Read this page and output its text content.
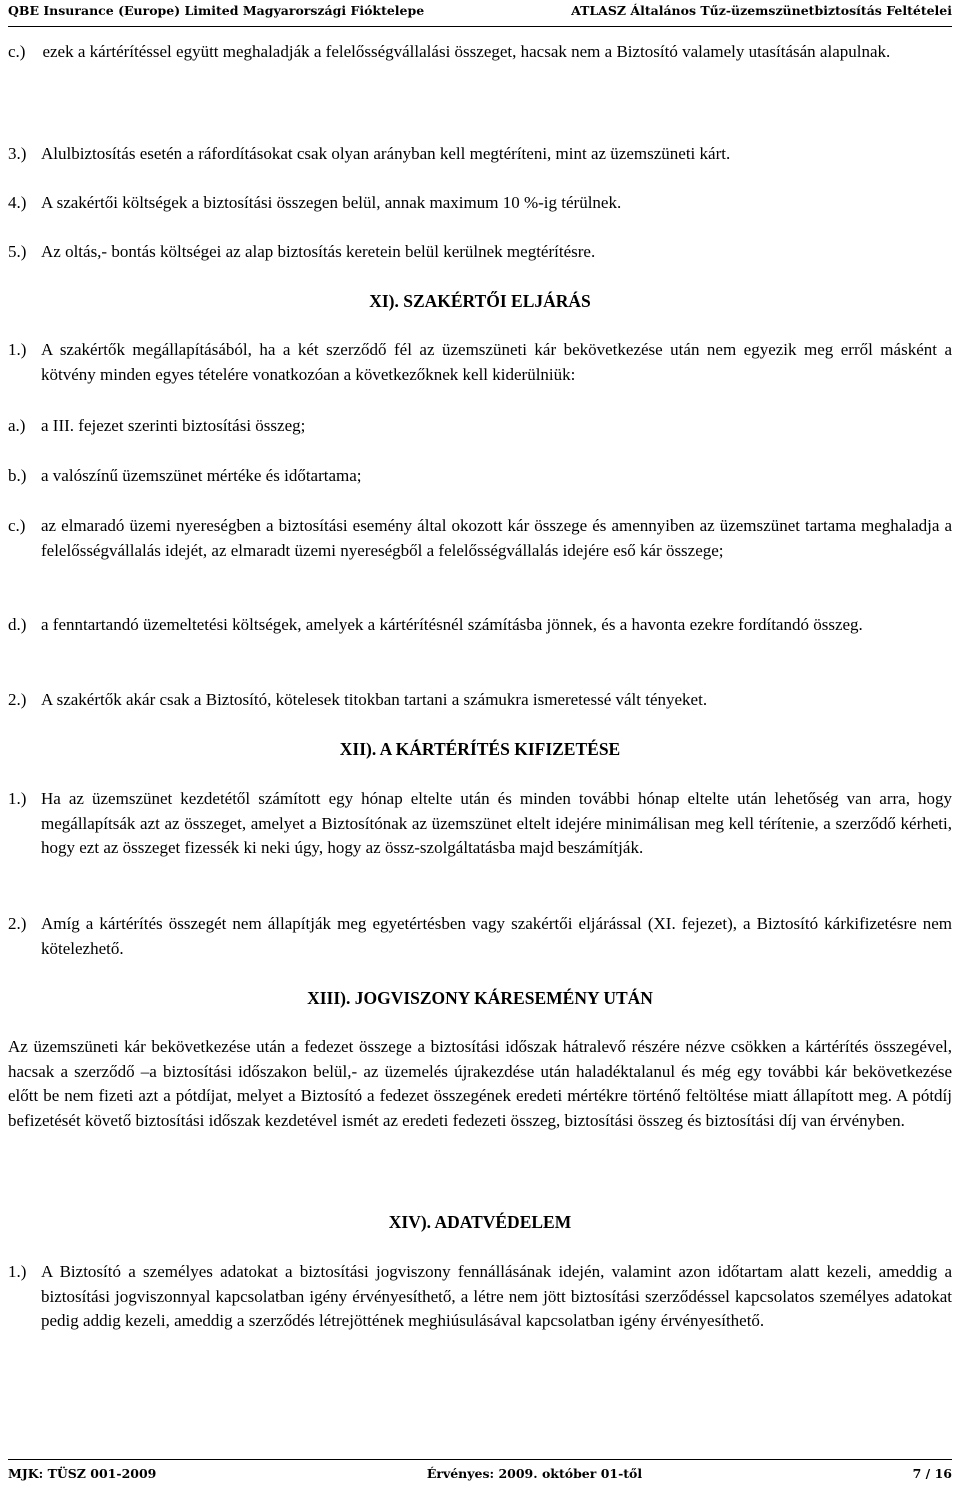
QBE Insurance (Europe) Limited Magyarországi Fióktelepe	ATLASZ Általános Tűz-üzemszünetbiztosítás Feltételei
c.) ezek a kártérítéssel együtt meghaladják a felelősségvállalási összeget, hacsak nem a Biztosító valamely utasításán alapulnak.
3.) Alulbiztosítás esetén a ráfordításokat csak olyan arányban kell megtéríteni, mint az üzemszüneti kárt.
4.) A szakértői költségek a biztosítási összegen belül, annak maximum 10 %-ig térülnek.
5.) Az oltás,- bontás költségei az alap biztosítás keretein belül kerülnek megtérítésre.
XI). SZAKÉRTŐI ELJÁRÁS
1.) A szakértők megállapításából, ha a két szerződő fél az üzemszüneti kár bekövetkezése után nem egyezik meg erről másként a kötvény minden egyes tételére vonatkozóan a következőknek kell kiderülniük:
a.) a III. fejezet szerinti biztosítási összeg;
b.) a valószínű üzemszünet mértéke és időtartama;
c.) az elmaradó üzemi nyereségben a biztosítási esemény által okozott kár összege és amennyiben az üzemszünet tartama meghaladja a felelősségvállalás idejét, az elmaradt üzemi nyereségből a felelősségvállalás idejére eső kár összege;
d.) a fenntartandó üzemeltetési költségek, amelyek a kártérítésnél számításba jönnek, és a havonta ezekre fordítandó összeg.
2.) A szakértők akár csak a Biztosító, kötelesek titokban tartani a számukra ismeretessé vált tényeket.
XII). A KÁRTÉRÍTÉS KIFIZETÉSE
1.) Ha az üzemszünet kezdetétől számított egy hónap eltelte után és minden további hónap eltelte után lehetőség van arra, hogy megállapítsák azt az összeget, amelyet a Biztosítónak az üzemszünet eltelt idejére minimálisan meg kell térítenie, a szerződő kérheti, hogy ezt az összeget fizessék ki neki úgy, hogy az össz-szolgáltatásba majd beszámítják.
2.) Amíg a kártérítés összegét nem állapítják meg egyetértésben vagy szakértői eljárással (XI. fejezet), a Biztosító kárkifizetésre nem kötelezhető.
XIII). JOGVISZONY KÁRESEMÉNY UTÁN
Az üzemszüneti kár bekövetkezése után a fedezet összege a biztosítási időszak hátralevő részére nézve csökken a kártérítés összegével, hacsak a szerződő –a biztosítási időszakon belül,- az üzemelés újrakezdése után haladéktalanul és még egy további kár bekövetkezése előtt be nem fizeti azt a pótdíjat, melyet a Biztosító a fedezet összegének eredeti mértékre történő feltöltése miatt állapított meg. A pótdíj befizetését követő biztosítási időszak kezdetével ismét az eredeti fedezeti összeg, biztosítási összeg és biztosítási díj van érvényben.
XIV). ADATVÉDELEM
1.) A Biztosító a személyes adatokat a biztosítási jogviszony fennállásának idején, valamint azon időtartam alatt kezeli, ameddig a biztosítási jogviszonnyal kapcsolatban igény érvényesíthető, a létre nem jött biztosítási szerződéssel kapcsolatos személyes adatokat pedig addig kezeli, ameddig a szerződés létrejöttének meghiúsulásával kapcsolatban igény érvényesíthető.
MJK: TÜSZ 001-2009	Érvényes: 2009. október 01-től	7 / 16
